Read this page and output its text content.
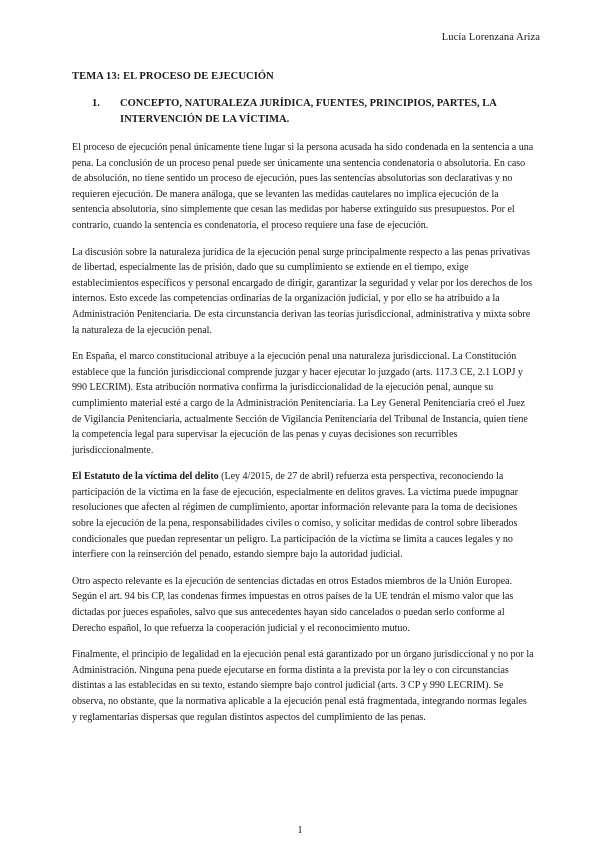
Lucía Lorenzana Ariza
TEMA 13: EL PROCESO DE EJECUCIÓN
1.	CONCEPTO, NATURALEZA JURÍDICA, FUENTES, PRINCIPIOS, PARTES, LA INTERVENCIÓN DE LA VÍCTIMA.

El proceso de ejecución penal únicamente tiene lugar si la persona acusada ha sido condenada en la sentencia a una pena. La conclusión de un proceso penal puede ser únicamente una sentencia condenatoria o absolutoria. En caso de absolución, no tiene sentido un proceso de ejecución, pues las sentencias absolutorias son declarativas y no requieren ejecución. De manera análoga, que se levanten las medidas cautelares no implica ejecución de la sentencia absolutoria, sino simplemente que cesan las medidas por haberse extinguido sus presupuestos. Por el contrario, cuando la sentencia es condenatoria, el proceso requiere una fase de ejecución.

La discusión sobre la naturaleza jurídica de la ejecución penal surge principalmente respecto a las penas privativas de libertad, especialmente las de prisión, dado que su cumplimiento se extiende en el tiempo, exige establecimientos específicos y personal encargado de dirigir, garantizar la seguridad y velar por los derechos de los internos. Esto excede las competencias ordinarias de la organización judicial, y por ello se ha atribuido a la Administración Penitenciaria. De esta circunstancia derivan las teorías jurisdiccional, administrativa y mixta sobre la naturaleza de la ejecución penal.

En España, el marco constitucional atribuye a la ejecución penal una naturaleza jurisdiccional. La Constitución establece que la función jurisdiccional comprende juzgar y hacer ejecutar lo juzgado (arts. 117.3 CE, 2.1 LOPJ y 990 LECRIM). Esta atribución normativa confirma la jurisdiccionalidad de la ejecución penal, aunque su cumplimiento material esté a cargo de la Administración Penitenciaria. La Ley General Penitenciaria creó el Juez de Vigilancia Penitenciaria, actualmente Sección de Vigilancia Penitenciaria del Tribunal de Instancia, quien tiene la competencia legal para supervisar la ejecución de las penas y cuyas decisiones son recurribles jurisdiccionalmente.

El Estatuto de la víctima del delito (Ley 4/2015, de 27 de abril) refuerza esta perspectiva, reconociendo la participación de la víctima en la fase de ejecución, especialmente en delitos graves. La víctima puede impugnar resoluciones que afecten al régimen de cumplimiento, aportar información relevante para la toma de decisiones sobre la ejecución de la pena, responsabilidades civiles o comiso, y solicitar medidas de control sobre liberados condicionales que puedan representar un peligro. La participación de la víctima se limita a cauces legales y no interfiere con la reinserción del penado, estando siempre bajo la autoridad judicial.

Otro aspecto relevante es la ejecución de sentencias dictadas en otros Estados miembros de la Unión Europea. Según el art. 94 bis CP, las condenas firmes impuestas en otros países de la UE tendrán el mismo valor que las dictadas por jueces españoles, salvo que sus antecedentes hayan sido cancelados o puedan serlo conforme al Derecho español, lo que refuerza la cooperación judicial y el reconocimiento mutuo.

Finalmente, el principio de legalidad en la ejecución penal está garantizado por un órgano jurisdiccional y no por la Administración. Ninguna pena puede ejecutarse en forma distinta a la prevista por la ley o con circunstancias distintas a las establecidas en su texto, estando siempre bajo control judicial (arts. 3 CP y 990 LECRIM). Se observa, no obstante, que la normativa aplicable a la ejecución penal está fragmentada, integrando normas legales y reglamentarias dispersas que regulan distintos aspectos del cumplimiento de las penas.

1
